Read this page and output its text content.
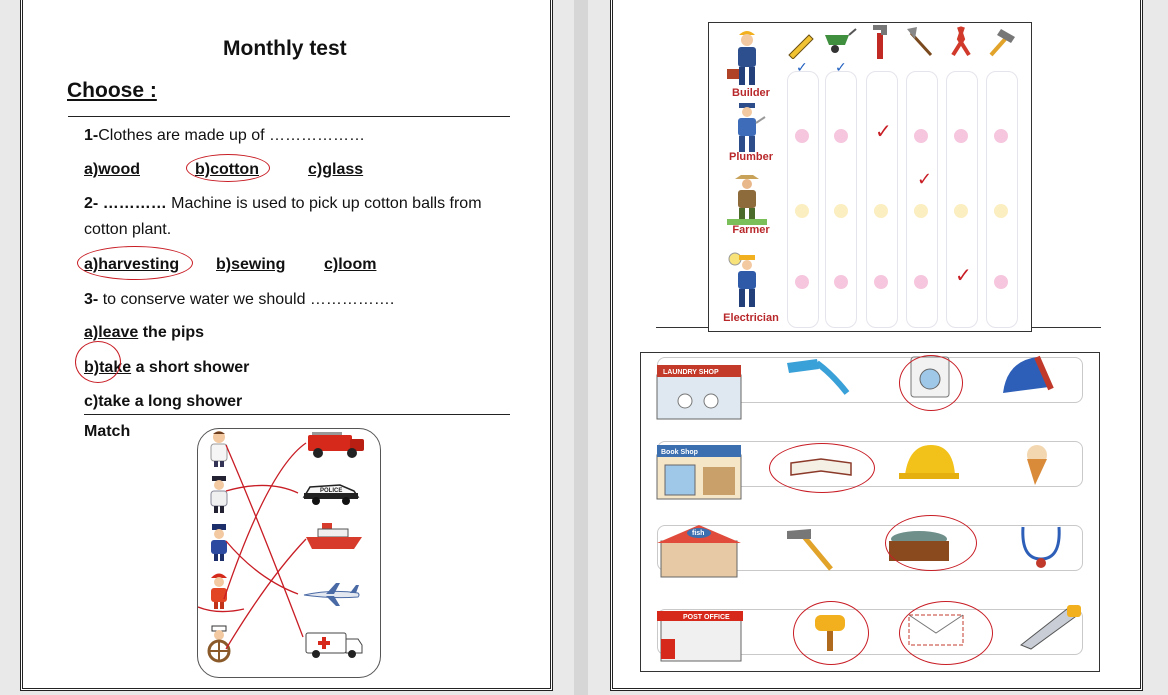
Monthly test
Choose :
1-Clothes are made up of ………………
a)wood	b)cotton	c)glass
2- ………… Machine is used to pick up cotton balls from
cotton plant.
a)harvesting b)sewing c)loom
3- to conserve water we should …………….
a)leave the pips
b)take a short shower
c)take a long shower
Match
POLICE
Builder
Plumber
Farmer
Electrician
✓ ✓
✓
✓
✓
LAUNDRY SHOP
Book Shop
fish
POST OFFICE
